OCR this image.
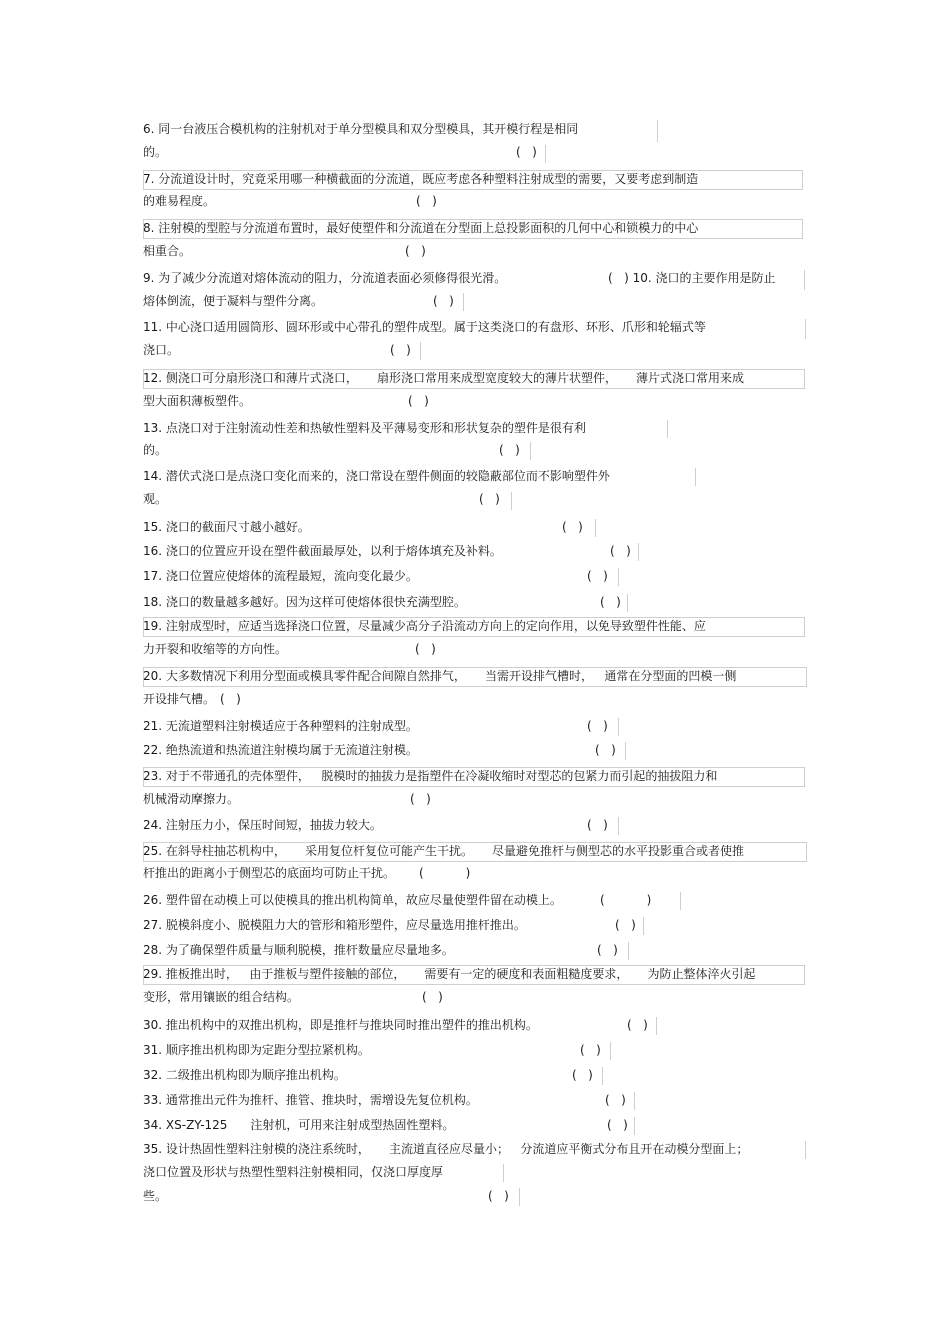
6. 同一台液压合模机构的注射机对于单分型模具和双分型模具，其开模行程是相同
的。	(   )
7. 分流道设计时，究竟采用哪一种横截面的分流道，既应考虑各种塑料注射成型的需要，又要考虑到制造
的难易程度。	(   )
8. 注射模的型腔与分流道布置时，最好使塑件和分流道在分型面上总投影面积的几何中心和锁模力的中心
相重合。	(   )
9. 为了减少分流道对熔体流动的阻力，分流道表面必须修得很光滑。	(   ) 10. 浇口的主要作用是防止
熔体倒流，便于凝料与塑件分离。	(   )
11. 中心浇口适用圆筒形、圆环形或中心带孔的塑件成型。属于这类浇口的有盘形、环形、爪形和轮辐式等
浇口。	(   )
12. 侧浇口可分扇形浇口和薄片式浇口，     扇形浇口常用来成型宽度较大的薄片状塑件，     薄片式浇口常用来成
型大面积薄板塑件。	(   )
13. 点浇口对于注射流动性差和热敏性塑料及平薄易变形和形状复杂的塑件是很有利
的。	(   )
14. 潜伏式浇口是点浇口变化而来的，浇口常设在塑件侧面的较隐蔽部位而不影响塑件外
观。	(   )
15. 浇口的截面尺寸越小越好。	(   )
16. 浇口的位置应开设在塑件截面最厚处，以利于熔体填充及补料。	(   )
17. 浇口位置应使熔体的流程最短，流向变化最少。	(   )
18. 浇口的数量越多越好。因为这样可使熔体很快充满型腔。	(   )
19. 注射成型时，应适当选择浇口位置，尽量减少高分子沿流动方向上的定向作用，以免导致塑件性能、应
力开裂和收缩等的方向性。	(   )
20. 大多数情况下利用分型面或模具零件配合间隙自然排气，     当需开设排气槽时，   通常在分型面的凹模一侧
开设排气槽。 (   )
21. 无流道塑料注射模适应于各种塑料的注射成型。	(   )
22. 绝热流道和热流道注射模均属于无流道注射模。	(   )
23. 对于不带通孔的壳体塑件，   脱模时的抽拔力是指塑件在冷凝收缩时对型芯的包紧力而引起的抽拔阻力和
机械滑动摩擦力。	(   )
24. 注射压力小，保压时间短，抽拔力较大。	(   )
25. 在斜导柱抽芯机构中，     采用复位杆复位可能产生干扰。     尽量避免推杆与侧型芯的水平投影重合或者使推
杆推出的距离小于侧型芯的底面均可防止干扰。 (           )
26. 塑件留在动模上可以使模具的推出机构简单，故应尽量使塑件留在动模上。	(           )
27. 脱模斜度小、脱模阻力大的管形和箱形塑件，应尽量选用推杆推出。	(   )
28. 为了确保塑件质量与顺利脱模，推杆数量应尽量地多。	(   )
29. 推板推出时，   由于推板与塑件接触的部位，     需要有一定的硬度和表面粗糙度要求，     为防止整体淬火引起
变形，常用镶嵌的组合结构。	(   )
30. 推出机构中的双推出机构，即是推杆与推块同时推出塑件的推出机构。	(   )
31. 顺序推出机构即为定距分型拉紧机构。	(   )
32. 二级推出机构即为顺序推出机构。	(   )
33. 通常推出元件为推杆、推管、推块时，需增设先复位机构。	(   )
34. XS-ZY-125      注射机，可用来注射成型热固性塑料。	(   )
35. 设计热固性塑料注射模的浇注系统时，     主流道直径应尽量小；   分流道应平衡式分布且开在动模分型面上；
浇口位置及形状与热塑性塑料注射模相同，仅浇口厚度厚
些。	(   )
